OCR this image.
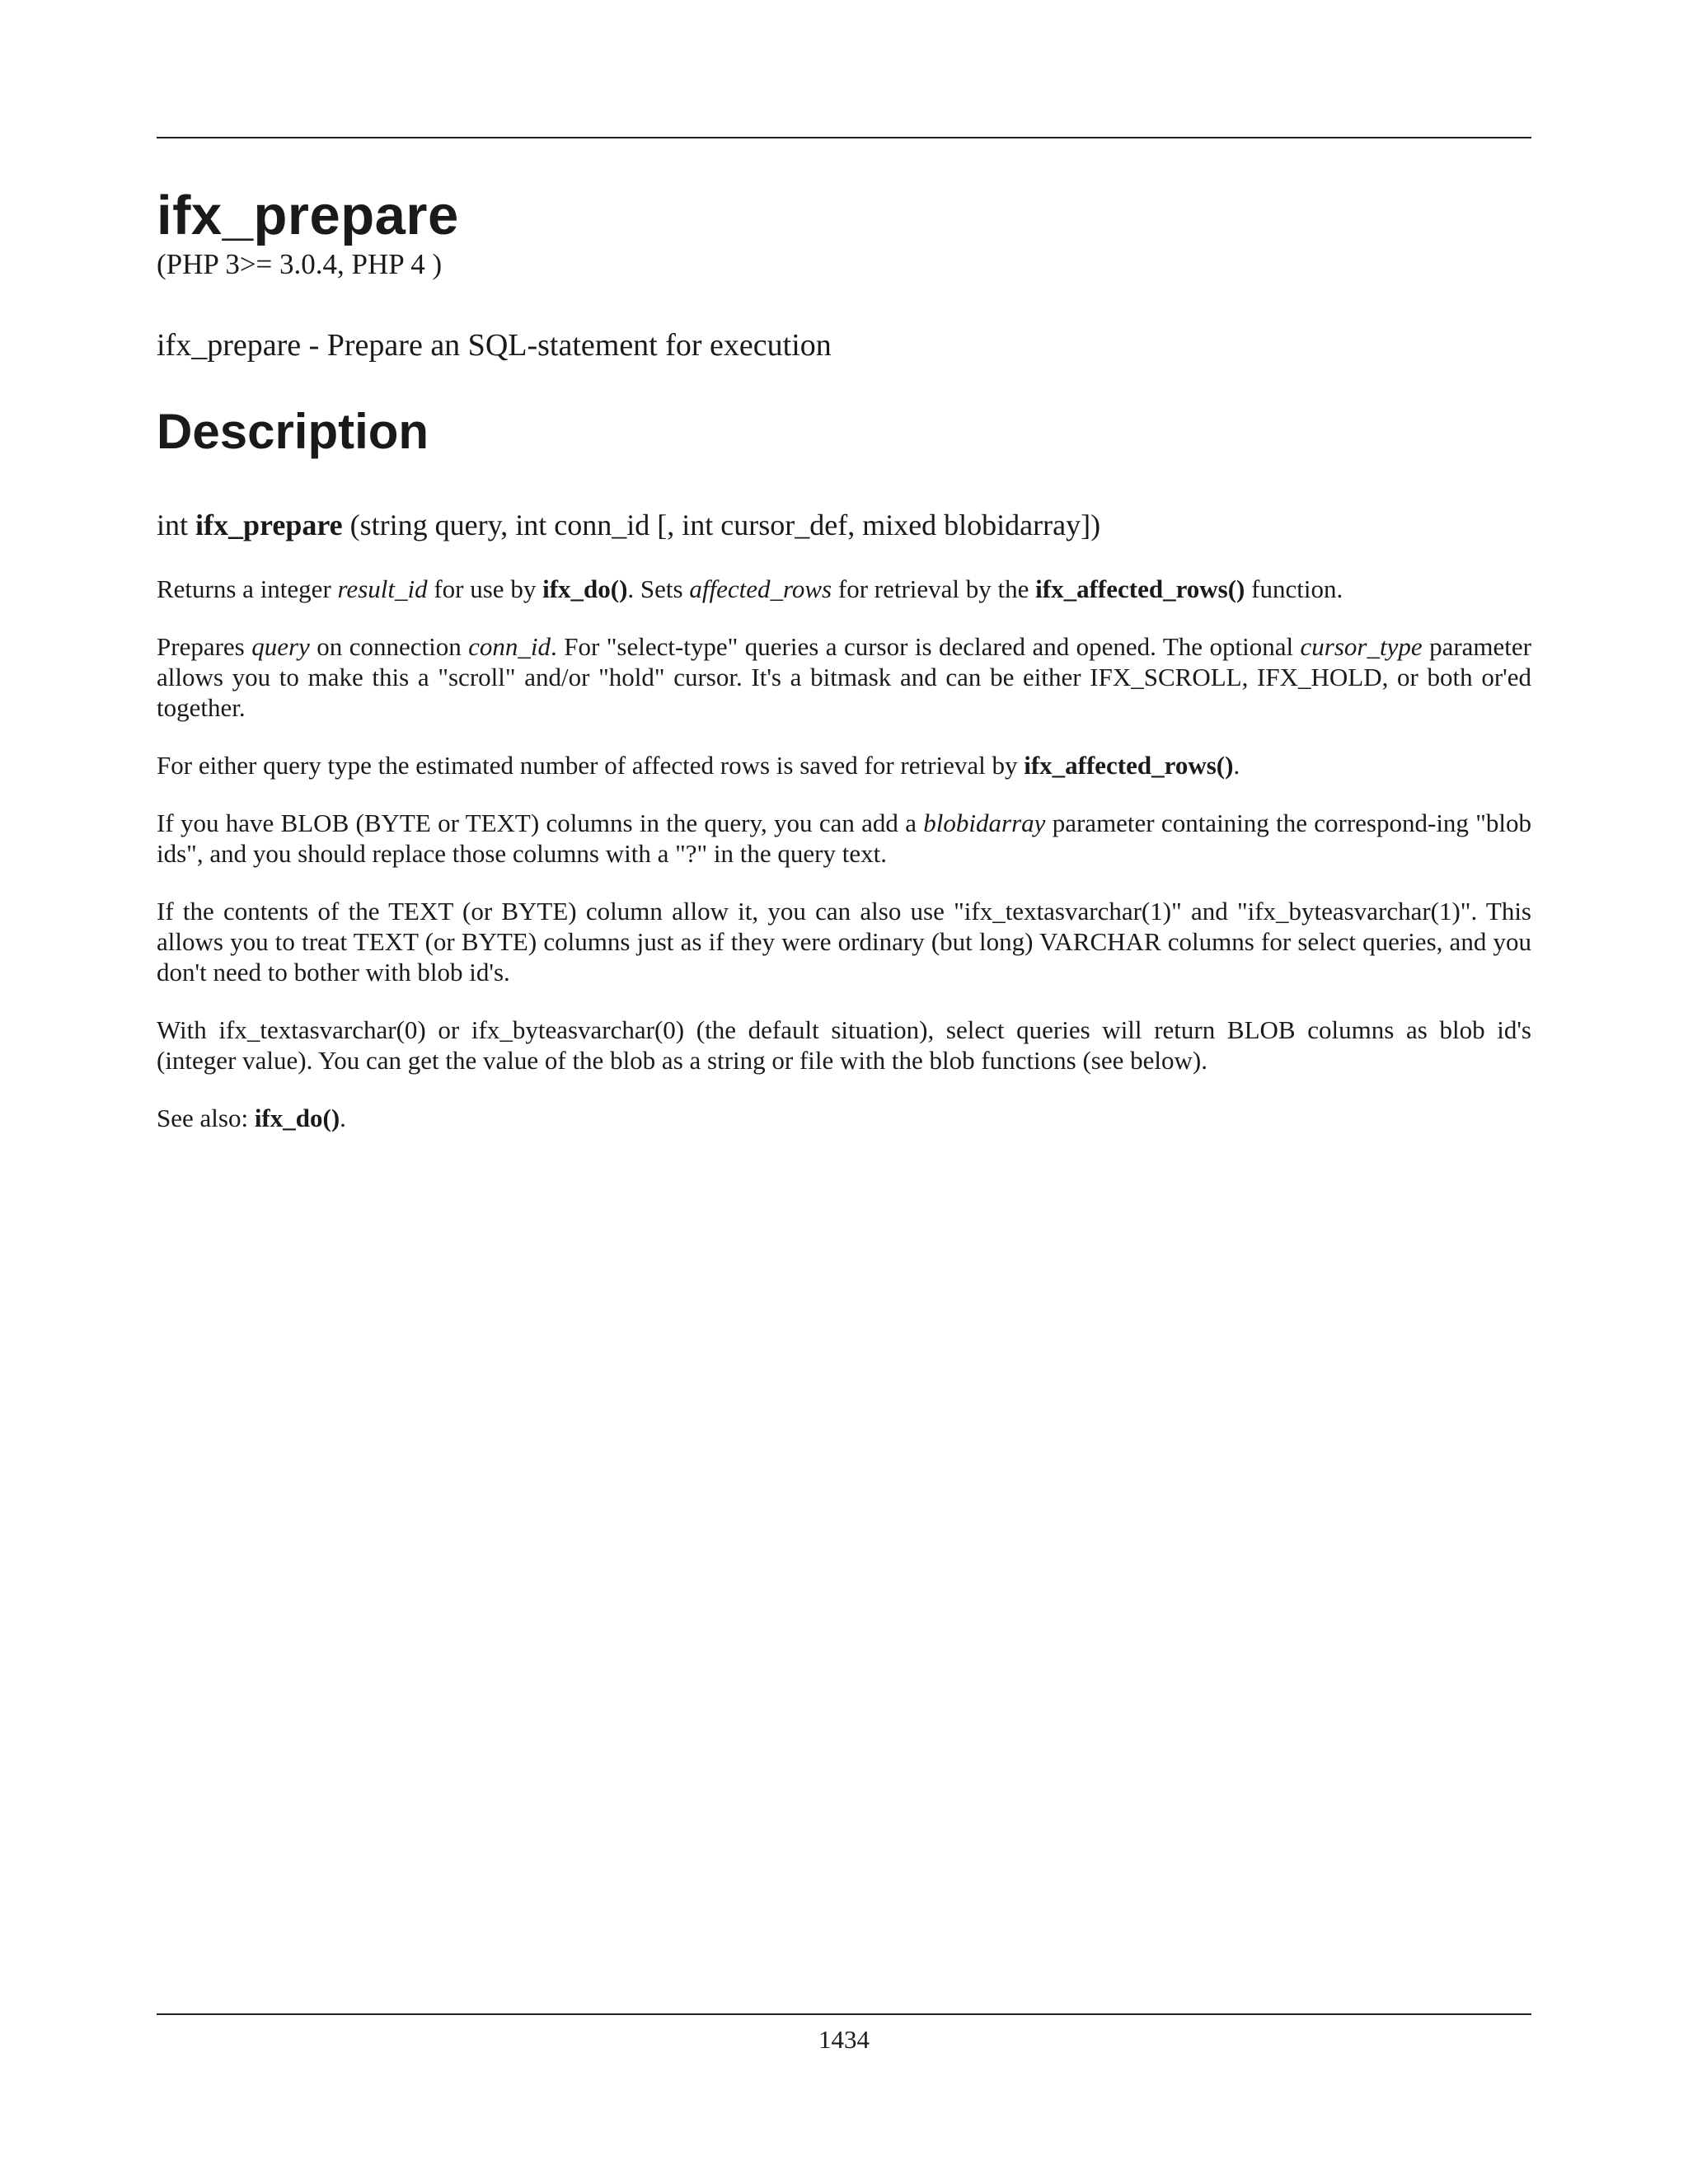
ifx_prepare
(PHP 3>= 3.0.4, PHP 4 )
ifx_prepare - Prepare an SQL-statement for execution
Description
int ifx_prepare (string query, int conn_id [, int cursor_def, mixed blobidarray])

Returns a integer result_id for use by ifx_do(). Sets affected_rows for retrieval by the ifx_affected_rows() function.

Prepares query on connection conn_id. For "select-type" queries a cursor is declared and opened. The optional cursor_type parameter allows you to make this a "scroll" and/or "hold" cursor. It's a bitmask and can be either IFX_SCROLL, IFX_HOLD, or both or'ed together.

For either query type the estimated number of affected rows is saved for retrieval by ifx_affected_rows().

If you have BLOB (BYTE or TEXT) columns in the query, you can add a blobidarray parameter containing the correspond-ing "blob ids", and you should replace those columns with a "?" in the query text.

If the contents of the TEXT (or BYTE) column allow it, you can also use "ifx_textasvarchar(1)" and "ifx_byteasvarchar(1)". This allows you to treat TEXT (or BYTE) columns just as if they were ordinary (but long) VARCHAR columns for select queries, and you don't need to bother with blob id's.

With ifx_textasvarchar(0) or ifx_byteasvarchar(0) (the default situation), select queries will return BLOB columns as blob id's (integer value). You can get the value of the blob as a string or file with the blob functions (see below).

See also: ifx_do().

1434
